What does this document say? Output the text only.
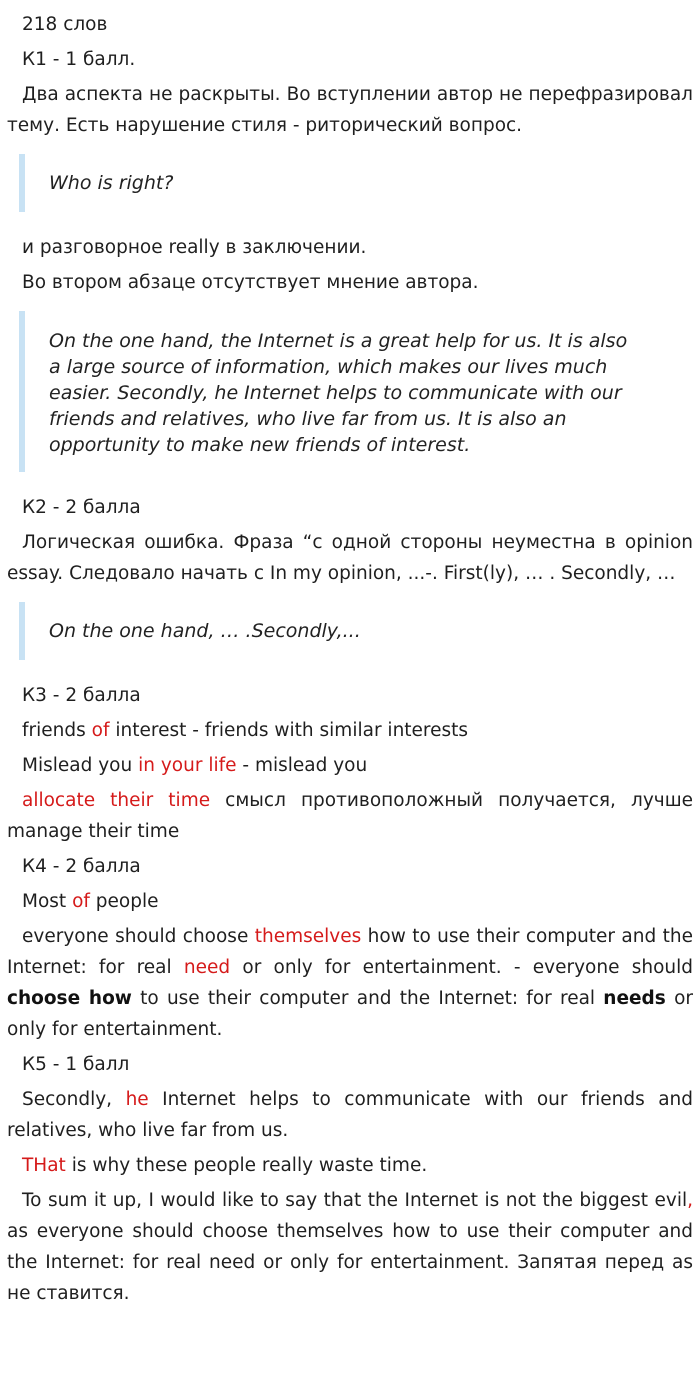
218 слов

К1 - 1 балл.

Два аспекта не раскрыты. Во вступлении автор не перефразировал тему. Есть нарушение стиля - риторический вопрос.

Who is right?

и разговорное really в заключении.

Во втором абзаце отсутствует мнение автора.

On the one hand, the Internet is a great help for us. It is also a large source of information, which makes our lives much easier. Secondly, he Internet helps to communicate with our friends and relatives, who live far from us. It is also an opportunity to make new friends of interest.

К2 - 2 балла

Логическая ошибка. Фраза “с одной стороны неуместна в opinion essay. Следовало начать с In my opinion, ...-. First(ly), … . Secondly, …

On the one hand, … .Secondly,...

К3 - 2 балла

friends of interest - friends with similar interests

Mislead you in your life - mislead you

allocate their time смысл противоположный получается, лучше manage their time

К4 - 2 балла

Most of people

everyone should choose themselves how to use their computer and the Internet: for real need or only for entertainment. - everyone should choose how to use their computer and the Internet: for real needs or only for entertainment.

К5 - 1 балл

Secondly, he Internet helps to communicate with our friends and relatives, who live far from us.

THat is why these people really waste time.

To sum it up, I would like to say that the Internet is not the biggest evil, as everyone should choose themselves how to use their computer and the Internet: for real need or only for entertainment. Запятая перед as не ставится.
